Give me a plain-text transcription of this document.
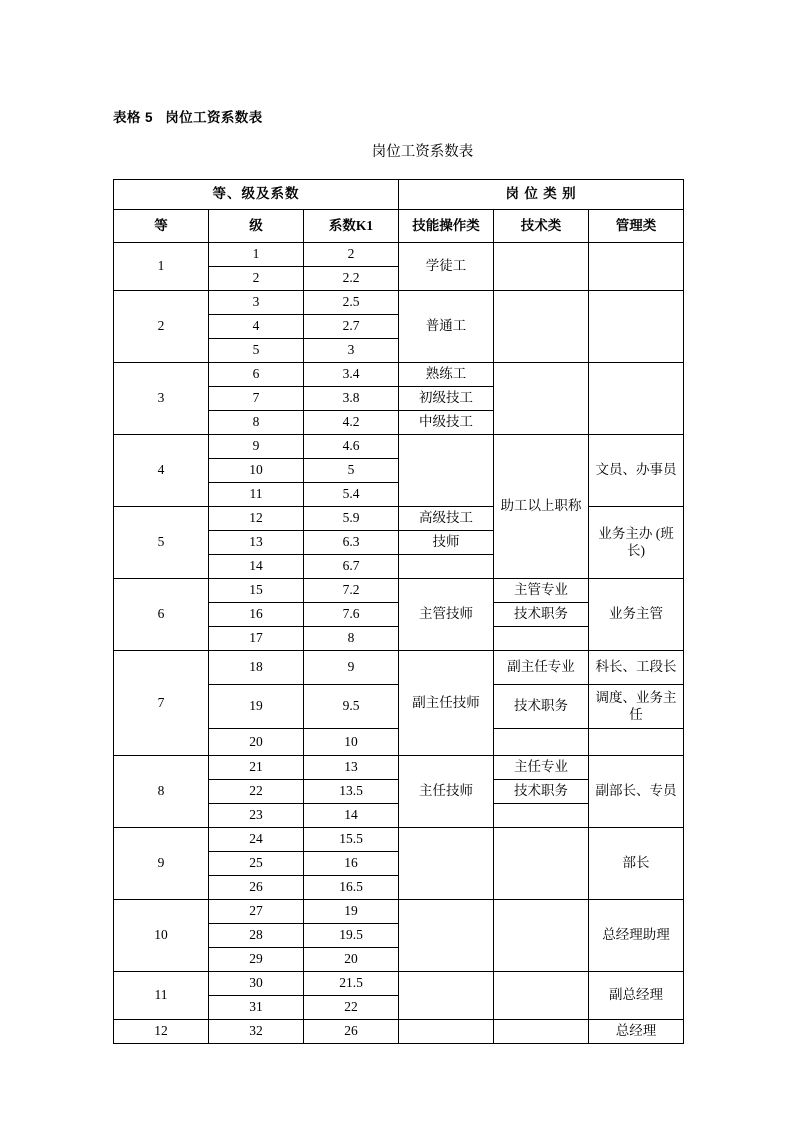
表格 5   岗位工资系数表
岗位工资系数表
等、级及系数			岗 位 类 别		
等	级	系数K1	技能操作类	技术类	管理类
1	1	2	学徒工		
	2	2.2			
2	3	2.5	普通工		
	4	2.7			
	5	3			
3	6	3.4	熟练工		
	7	3.8	初级技工		
	8	4.2	中级技工		
4	9	4.6		助工以上职称	文员、办事员
	10	5			
	11	5.4			
5	12	5.9	高级技工		业务主办 (班长)
	13	6.3	技师		
	14	6.7			
6	15	7.2	主管技师	主管专业	业务主管
	16	7.6		技术职务	
	17	8			
7	18	9	副主任技师	副主任专业	科长、工段长
	19	9.5		技术职务	调度、业务主任
	20	10			
8	21	13	主任技师	主任专业	副部长、专员
	22	13.5		技术职务	
	23	14			
9	24	15.5			部长
	25	16			
	26	16.5			
10	27	19			总经理助理
	28	19.5			
	29	20			
11	30	21.5			副总经理
	31	22			
12	32	26			总经理
